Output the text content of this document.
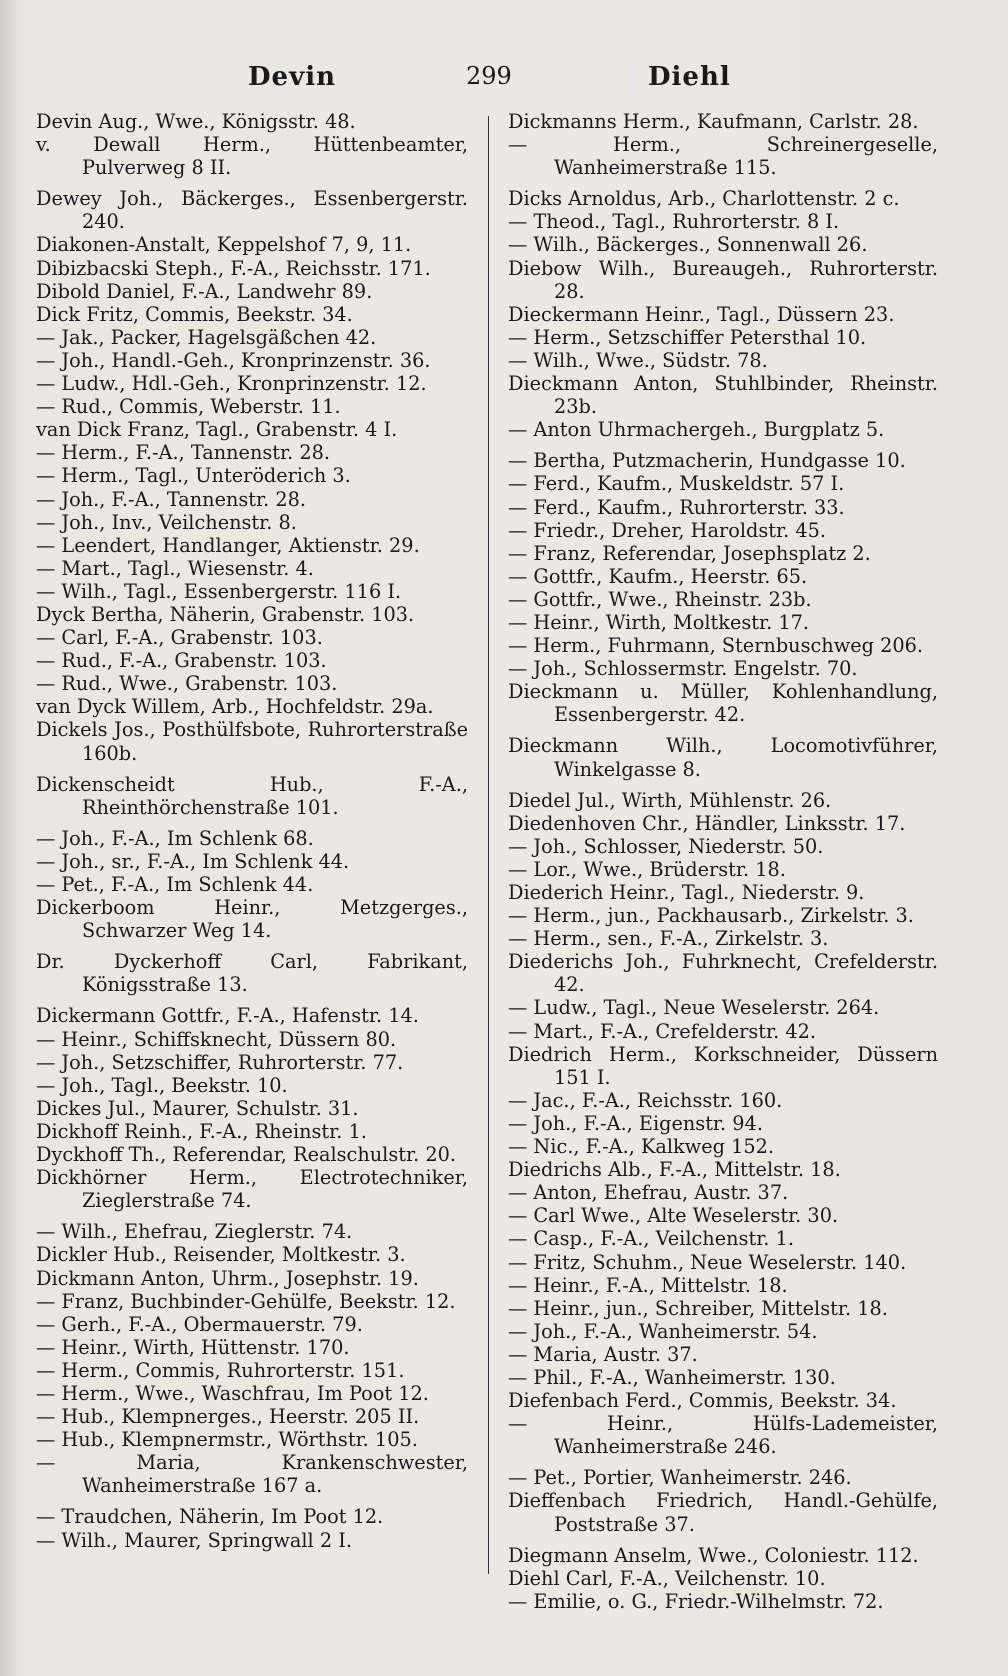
Devin	299	Diehl
Devin Aug., Wwe., Königsstr. 48.
v. Dewall Herm., Hüttenbeamter, Pulverweg 8 II.
Dewey Joh., Bäckerges., Essenbergerstr. 240.
Diakonen-Anstalt, Keppelshof 7, 9, 11.
Dibizbacski Steph., F.-A., Reichsstr. 171.
Dibold Daniel, F.-A., Landwehr 89.
Dick Fritz, Commis, Beekstr. 34.
— Jak., Packer, Hagelsgäßchen 42.
— Joh., Handl.-Geh., Kronprinzenstr. 36.
— Ludw., Hdl.-Geh., Kronprinzenstr. 12.
— Rud., Commis, Weberstr. 11.
van Dick Franz, Tagl., Grabenstr. 4 I.
— Herm., F.-A., Tannenstr. 28.
— Herm., Tagl., Unteröderich 3.
— Joh., F.-A., Tannenstr. 28.
— Joh., Inv., Veilchenstr. 8.
— Leendert, Handlanger, Aktienstr. 29.
— Mart., Tagl., Wiesenstr. 4.
— Wilh., Tagl., Essenbergerstr. 116 I.
Dyck Bertha, Näherin, Grabenstr. 103.
— Carl, F.-A., Grabenstr. 103.
— Rud., F.-A., Grabenstr. 103.
— Rud., Wwe., Grabenstr. 103.
van Dyck Willem, Arb., Hochfeldstr. 29a.
Dickels Jos., Posthülfsbote, Ruhrorterstraße 160b.
Dickenscheidt Hub., F.-A., Rheinthörchenstraße 101.
— Joh., F.-A., Im Schlenk 68.
— Joh., sr., F.-A., Im Schlenk 44.
— Pet., F.-A., Im Schlenk 44.
Dickerboom Heinr., Metzgerges., Schwarzer Weg 14.
Dr. Dyckerhoff Carl, Fabrikant, Königsstraße 13.
Dickermann Gottfr., F.-A., Hafenstr. 14.
— Heinr., Schiffsknecht, Düssern 80.
— Joh., Setzschiffer, Ruhrorterstr. 77.
— Joh., Tagl., Beekstr. 10.
Dickes Jul., Maurer, Schulstr. 31.
Dickhoff Reinh., F.-A., Rheinstr. 1.
Dyckhoff Th., Referendar, Realschulstr. 20.
Dickhörner Herm., Electrotechniker, Zieglerstraße 74.
— Wilh., Ehefrau, Zieglerstr. 74.
Dickler Hub., Reisender, Moltkestr. 3.
Dickmann Anton, Uhrm., Josephstr. 19.
— Franz, Buchbinder-Gehülfe, Beekstr. 12.
— Gerh., F.-A., Obermauerstr. 79.
— Heinr., Wirth, Hüttenstr. 170.
— Herm., Commis, Ruhrorterstr. 151.
— Herm., Wwe., Waschfrau, Im Poot 12.
— Hub., Klempnerges., Heerstr. 205 II.
— Hub., Klempnermstr., Wörthstr. 105.
— Maria, Krankenschwester, Wanheimerstraße 167 a.
— Traudchen, Näherin, Im Poot 12.
— Wilh., Maurer, Springwall 2 I.
Dickmanns Herm., Kaufmann, Carlstr. 28.
— Herm., Schreinergeselle, Wanheimerstraße 115.
Dicks Arnoldus, Arb., Charlottenstr. 2 c.
— Theod., Tagl., Ruhrorterstr. 8 I.
— Wilh., Bäckerges., Sonnenwall 26.
Diebow Wilh., Bureaugeh., Ruhrorterstr. 28.
Dieckermann Heinr., Tagl., Düssern 23.
— Herm., Setzschiffer Petersthal 10.
— Wilh., Wwe., Südstr. 78.
Dieckmann Anton, Stuhlbinder, Rheinstr. 23b.
— Anton Uhrmachergeh., Burgplatz 5.
— Bertha, Putzmacherin, Hundgasse 10.
— Ferd., Kaufm., Muskeldstr. 57 I.
— Ferd., Kaufm., Ruhrorterstr. 33.
— Friedr., Dreher, Haroldstr. 45.
— Franz, Referendar, Josephsplatz 2.
— Gottfr., Kaufm., Heerstr. 65.
— Gottfr., Wwe., Rheinstr. 23b.
— Heinr., Wirth, Moltkestr. 17.
— Herm., Fuhrmann, Sternbuschweg 206.
— Joh., Schlossermstr. Engelstr. 70.
Dieckmann u. Müller, Kohlenhandlung, Essenbergerstr. 42.
Dieckmann Wilh., Locomotivführer, Winkelgasse 8.
Diedel Jul., Wirth, Mühlenstr. 26.
Diedenhoven Chr., Händler, Linksstr. 17.
— Joh., Schlosser, Niederstr. 50.
— Lor., Wwe., Brüderstr. 18.
Diederich Heinr., Tagl., Niederstr. 9.
— Herm., jun., Packhausarb., Zirkelstr. 3.
— Herm., sen., F.-A., Zirkelstr. 3.
Diederichs Joh., Fuhrknecht, Crefelderstr. 42.
— Ludw., Tagl., Neue Weselerstr. 264.
— Mart., F.-A., Crefelderstr. 42.
Diedrich Herm., Korkschneider, Düssern 151 I.
— Jac., F.-A., Reichsstr. 160.
— Joh., F.-A., Eigenstr. 94.
— Nic., F.-A., Kalkweg 152.
Diedrichs Alb., F.-A., Mittelstr. 18.
— Anton, Ehefrau, Austr. 37.
— Carl Wwe., Alte Weselerstr. 30.
— Casp., F.-A., Veilchenstr. 1.
— Fritz, Schuhm., Neue Weselerstr. 140.
— Heinr., F.-A., Mittelstr. 18.
— Heinr., jun., Schreiber, Mittelstr. 18.
— Joh., F.-A., Wanheimerstr. 54.
— Maria, Austr. 37.
— Phil., F.-A., Wanheimerstr. 130.
Diefenbach Ferd., Commis, Beekstr. 34.
— Heinr., Hülfs-Lademeister, Wanheimerstraße 246.
— Pet., Portier, Wanheimerstr. 246.
Dieffenbach Friedrich, Handl.-Gehülfe, Poststraße 37.
Diegmann Anselm, Wwe., Coloniestr. 112.
Diehl Carl, F.-A., Veilchenstr. 10.
— Emilie, o. G., Friedr.-Wilhelmstr. 72.
